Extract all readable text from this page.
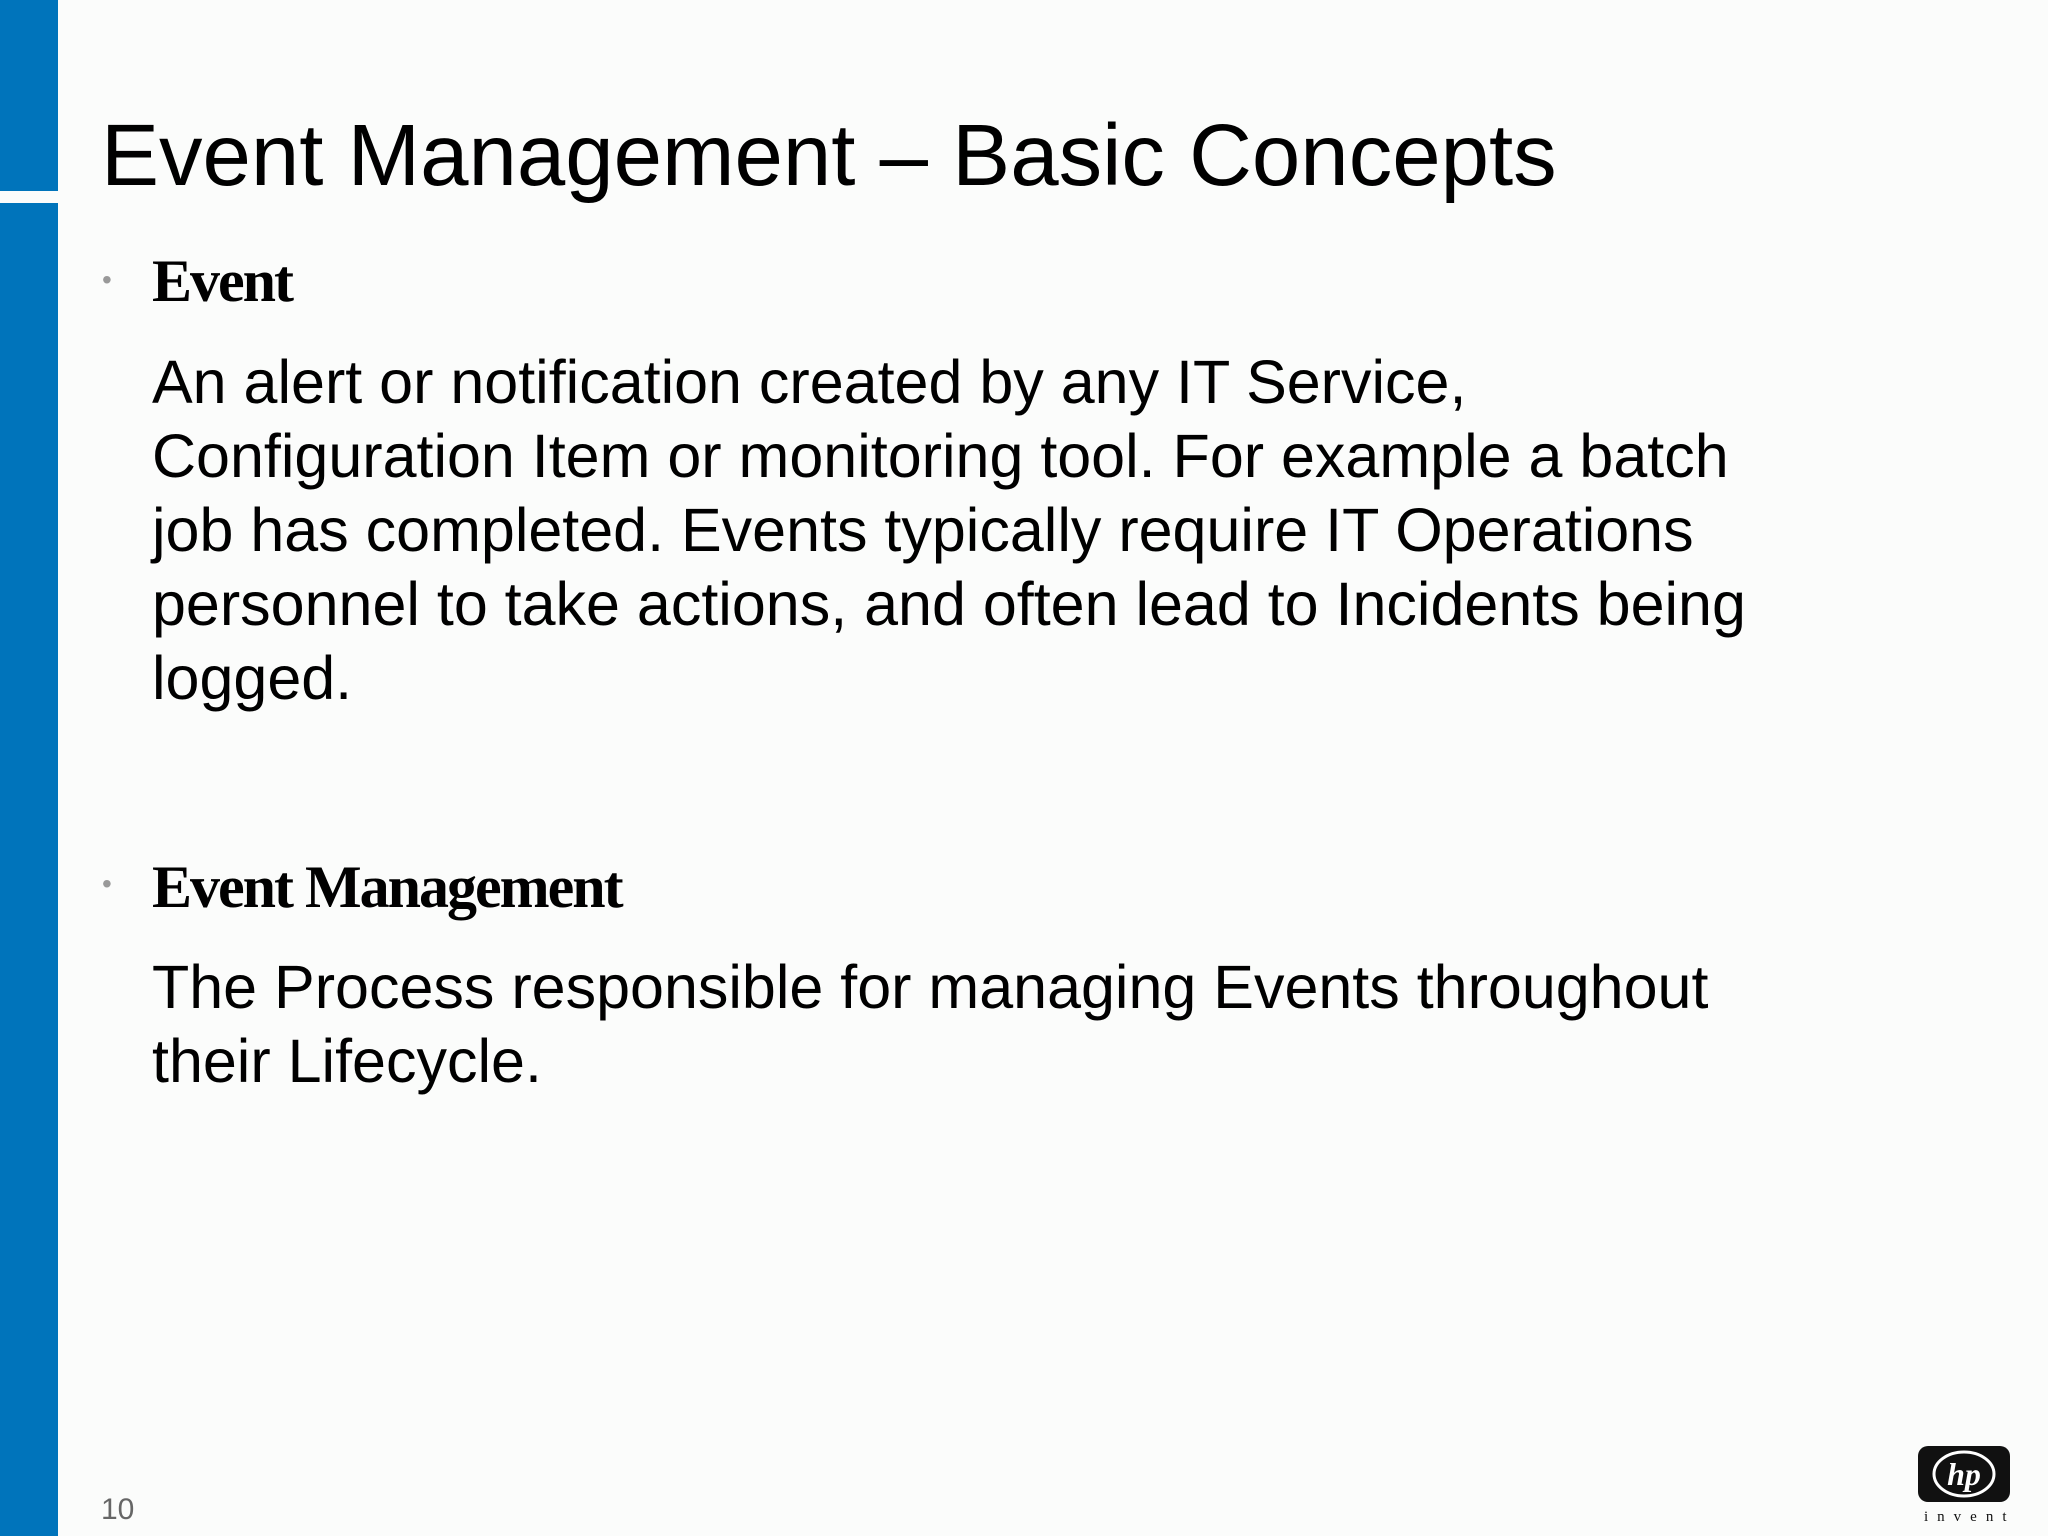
Event Management – Basic Concepts
• Event

An alert or notification created by any IT Service,
Configuration Item or monitoring tool. For example a batch
job has completed. Events typically require IT Operations
personnel to take actions, and often lead to Incidents being
logged.

• Event Management

The Process responsible for managing Events throughout
their Lifecycle.

10
hp
invent
